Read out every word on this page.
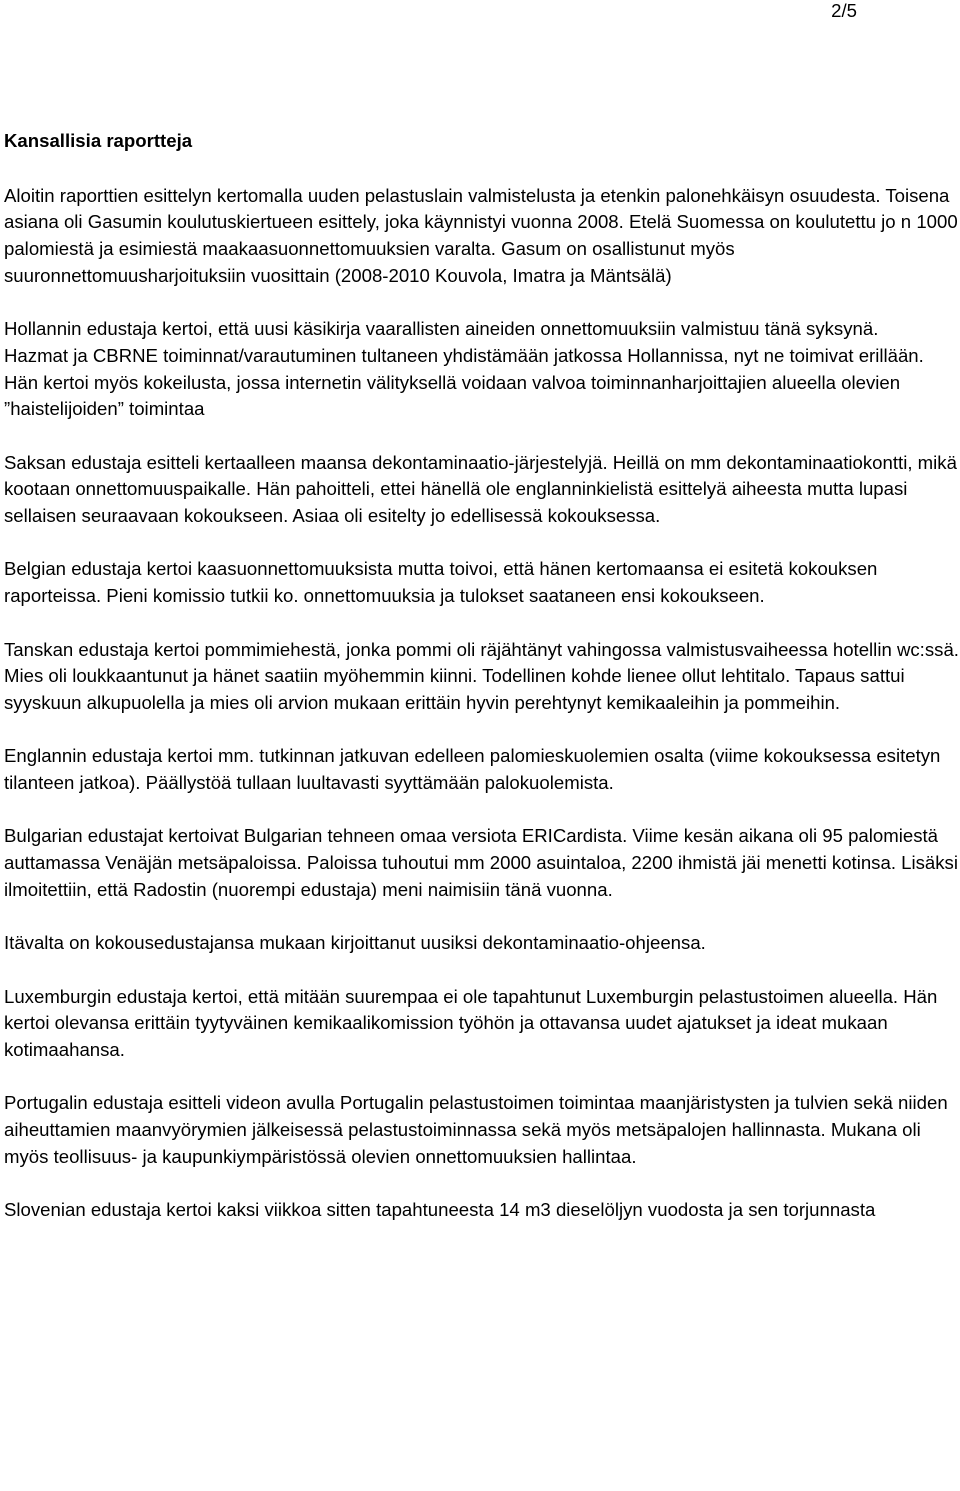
2/5
Kansallisia raportteja

Aloitin raporttien esittelyn kertomalla uuden pelastuslain valmistelusta ja etenkin palonehkäisyn osuudesta. Toisena asiana oli Gasumin koulutuskiertueen esittely, joka käynnistyi vuonna 2008. Etelä Suomessa on koulutettu jo n 1000 palomiestä ja esimiestä maakaasuonnettomuuksien varalta. Gasum on osallistunut myös suuronnettomuusharjoituksiin vuosittain (2008-2010 Kouvola, Imatra ja Mäntsälä)

Hollannin edustaja kertoi, että uusi käsikirja vaarallisten aineiden onnettomuuksiin valmistuu tänä syksynä.

Hazmat ja CBRNE toiminnat/varautuminen tultaneen yhdistämään jatkossa Hollannissa, nyt ne toimivat erillään.

Hän kertoi myös kokeilusta, jossa internetin välityksellä voidaan valvoa toiminnanharjoittajien alueella olevien ”haistelijoiden” toimintaa

Saksan edustaja esitteli kertaalleen maansa dekontaminaatio-järjestelyjä. Heillä on mm dekontaminaatiokontti, mikä kootaan onnettomuuspaikalle. Hän pahoitteli, ettei hänellä ole englanninkielistä esittelyä aiheesta mutta lupasi sellaisen seuraavaan kokoukseen. Asiaa oli esitelty jo edellisessä kokouksessa.

Belgian edustaja kertoi kaasuonnettomuuksista mutta toivoi, että hänen kertomaansa ei esitetä kokouksen raporteissa. Pieni komissio tutkii ko. onnettomuuksia ja tulokset saataneen ensi kokoukseen.

Tanskan edustaja kertoi pommimiehestä, jonka pommi oli räjähtänyt vahingossa valmistusvaiheessa hotellin wc:ssä. Mies oli loukkaantunut ja hänet saatiin myöhemmin kiinni. Todellinen kohde lienee ollut lehtitalo. Tapaus sattui syyskuun alkupuolella ja mies oli arvion mukaan erittäin hyvin perehtynyt kemikaaleihin ja pommeihin.

Englannin edustaja kertoi mm. tutkinnan jatkuvan edelleen palomieskuolemien osalta (viime kokouksessa esitetyn tilanteen jatkoa). Päällystöä tullaan luultavasti syyttämään palokuolemista.

Bulgarian edustajat kertoivat Bulgarian tehneen omaa versiota ERICardista. Viime kesän aikana oli 95 palomiestä auttamassa Venäjän metsäpaloissa. Paloissa tuhoutui mm 2000 asuintaloa, 2200 ihmistä jäi menetti kotinsa. Lisäksi ilmoitettiin, että Radostin (nuorempi edustaja) meni naimisiin tänä vuonna.

Itävalta on kokousedustajansa mukaan kirjoittanut uusiksi dekontaminaatio-ohjeensa.

Luxemburgin edustaja kertoi, että mitään suurempaa ei ole tapahtunut Luxemburgin pelastustoimen alueella. Hän kertoi olevansa erittäin tyytyväinen kemikaalikomission työhön ja ottavansa uudet ajatukset ja ideat mukaan kotimaahansa.

Portugalin edustaja esitteli videon avulla Portugalin pelastustoimen toimintaa maanjäristysten ja tulvien sekä niiden aiheuttamien maanvyörymien jälkeisessä pelastustoiminnassa sekä myös metsäpalojen hallinnasta. Mukana oli myös teollisuus- ja kaupunkiympäristössä olevien onnettomuuksien hallintaa.

Slovenian edustaja kertoi kaksi viikkoa sitten tapahtuneesta 14 m3 dieselöljyn vuodosta ja sen torjunnasta
